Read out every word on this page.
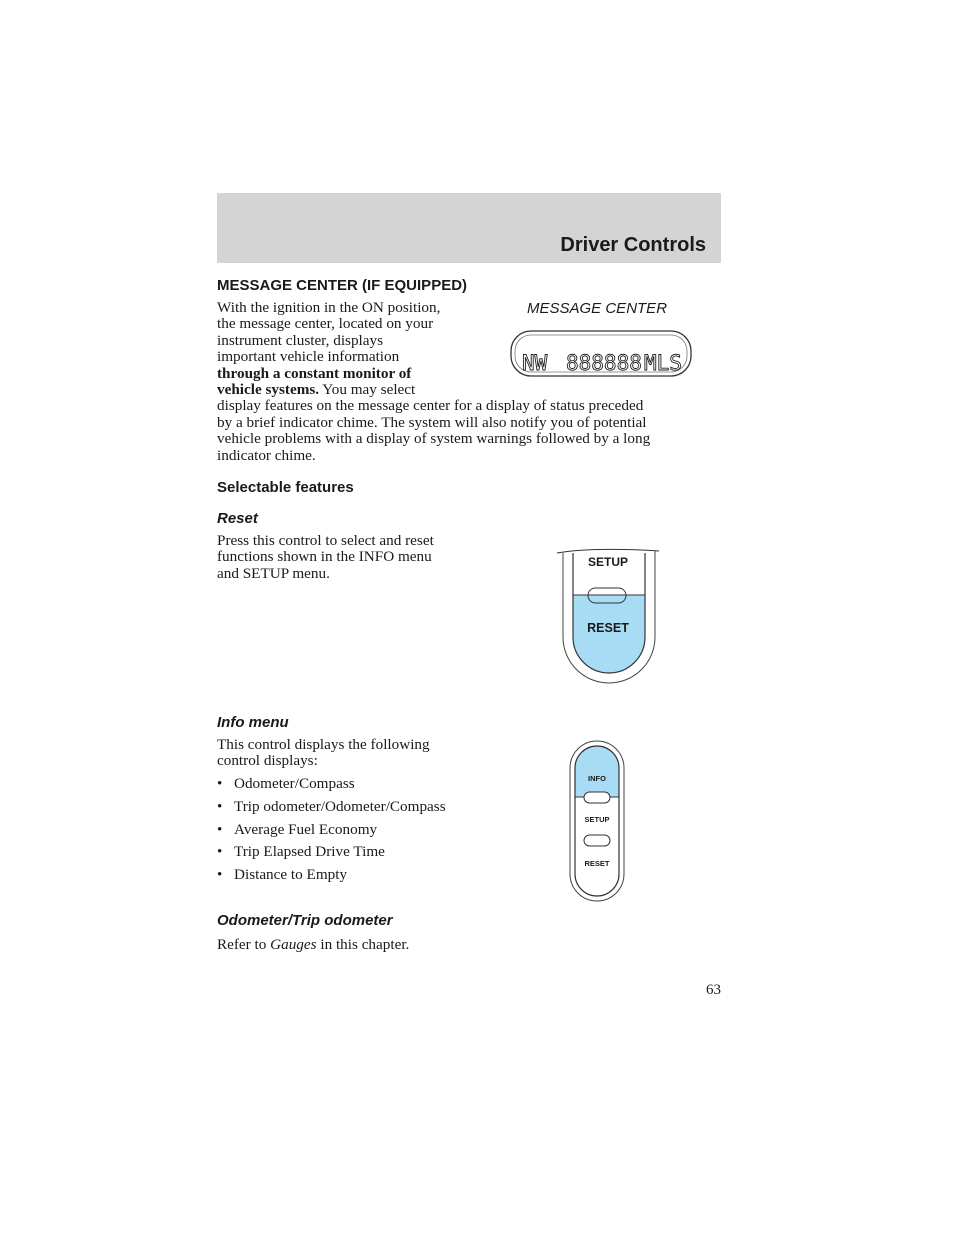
Driver Controls
MESSAGE CENTER (IF EQUIPPED)

With the ignition in the ON position,
the message center, located on your
instrument cluster, displays
important vehicle information
through a constant monitor of
vehicle systems. You may select
display features on the message center for a display of status preceded
by a brief indicator chime. The system will also notify you of potential
vehicle problems with a display of system warnings followed by a long
indicator chime.

MESSAGE CENTER
NW 888888 MLS
Selectable features
Reset

Press this control to select and reset
functions shown in the INFO menu
and SETUP menu.

SETUP
RESET
Info menu

This control displays the following
control displays:

• Odometer/Compass
• Trip odometer/Odometer/Compass
• Average Fuel Economy
• Trip Elapsed Drive Time
• Distance to Empty
INFO
SETUP
RESET
Odometer/Trip odometer

Refer to Gauges in this chapter.

63
